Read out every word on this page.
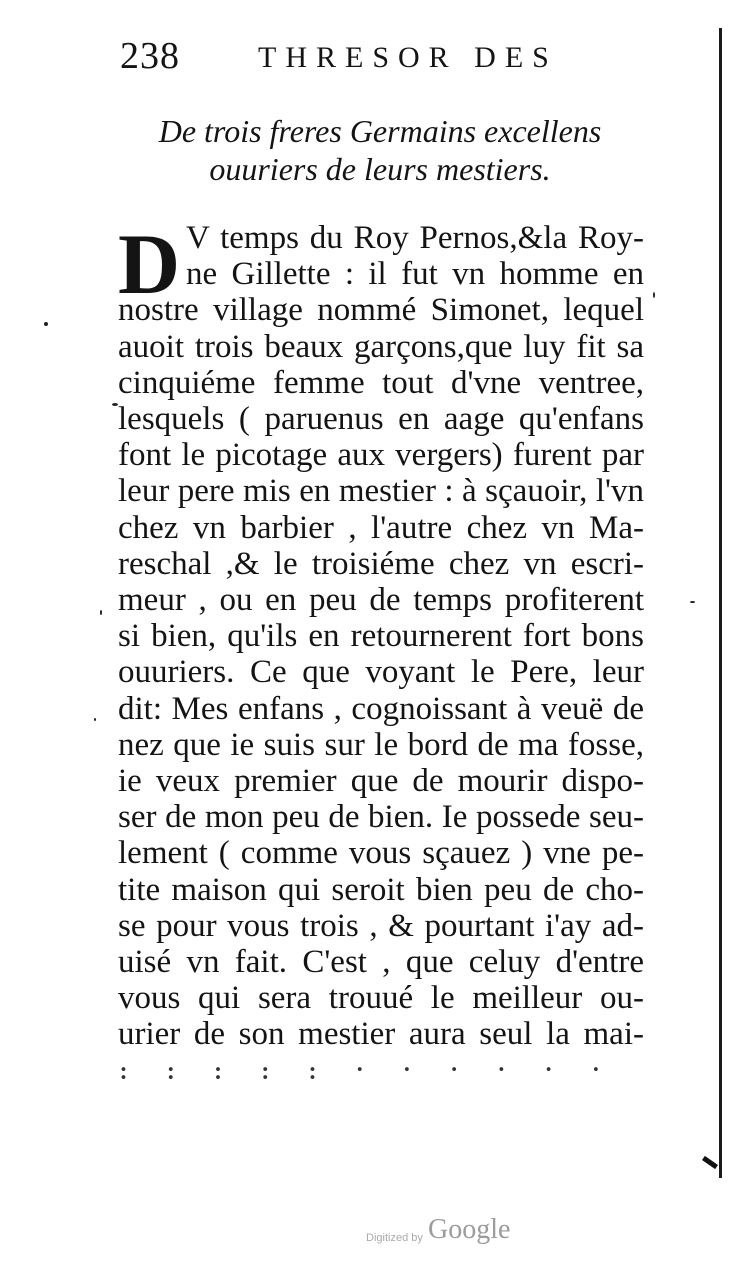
238	THRESOR DES
De trois freres Germains excellens
ouuriers de leurs mestiers.
D V temps du Roy Pernos,&la Roy-
ne Gillette : il fut vn homme en
nostre village nommé Simonet, lequel
auoit trois beaux garçons,que luy fit sa
cinquiéme femme tout d'vne ventree,
lesquels ( paruenus en aage qu'enfans
font le picotage aux vergers) furent par
leur pere mis en mestier : à sçauoir, l'vn
chez vn barbier , l'autre chez vn Ma-
reschal ,& le troisiéme chez vn escri-
meur , ou en peu de temps profiterent
si bien, qu'ils en retournerent fort bons
ouuriers. Ce que voyant le Pere, leur
dit: Mes enfans , cognoissant à veuë de
nez que ie suis sur le bord de ma fosse,
ie veux premier que de mourir dispo-
ser de mon peu de bien. Ie possede seu-
lement ( comme vous sçauez ) vne pe-
tite maison qui seroit bien peu de cho-
se pour vous trois , & pourtant i'ay ad-
uisé vn fait. C'est , que celuy d'entre
vous qui sera trouué le meilleur ou-
urier de son mestier aura seul la mai-
· · · · · · · · · · · · · · · ·
Digitized by Google
